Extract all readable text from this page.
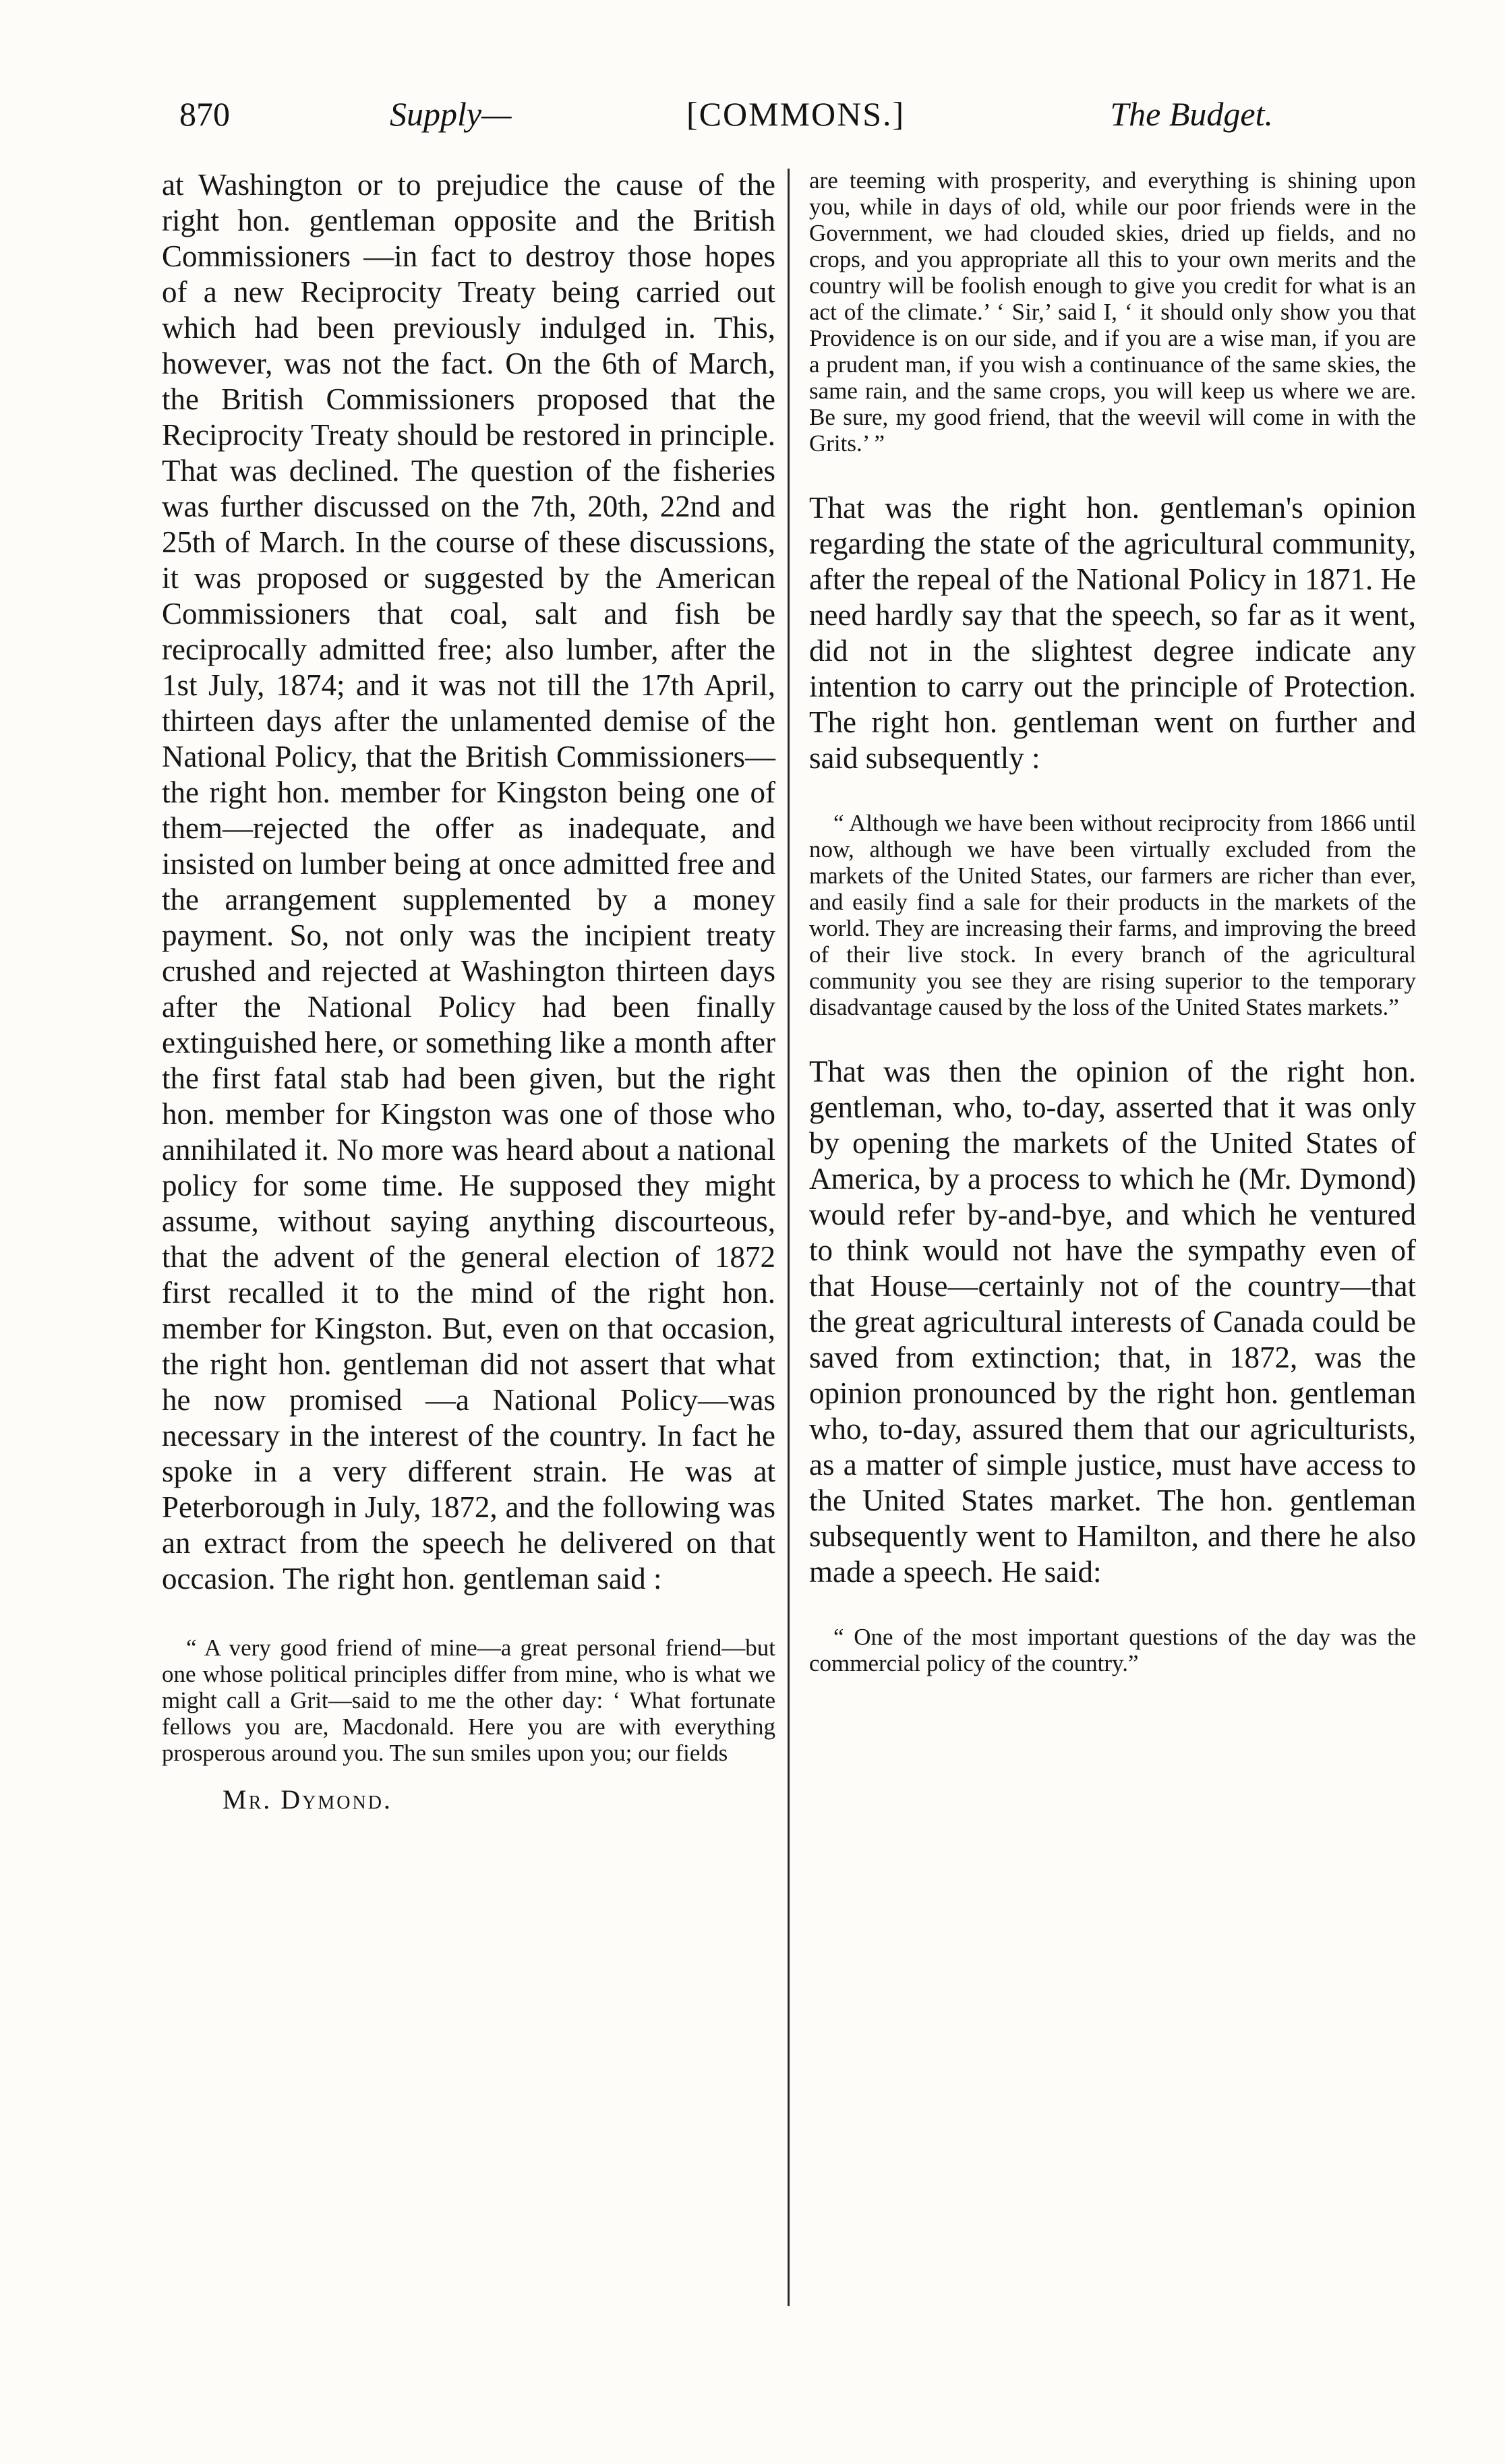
870	Supply—	[COMMONS.]	The Budget.

at Washington or to prejudice the cause of the right hon. gentleman opposite and the British Commissioners —in fact to destroy those hopes of a new Reciprocity Treaty being carried out which had been previously indulged in. This, however, was not the fact. On the 6th of March, the British Commissioners proposed that the Reciprocity Treaty should be restored in principle. That was declined. The question of the fisheries was further discussed on the 7th, 20th, 22nd and 25th of March. In the course of these discussions, it was proposed or suggested by the American Commissioners that coal, salt and fish be reciprocally admitted free; also lumber, after the 1st July, 1874; and it was not till the 17th April, thirteen days after the unlamented demise of the National Policy, that the British Commissioners—the right hon. member for Kingston being one of them—rejected the offer as inadequate, and insisted on lumber being at once admitted free and the arrangement supplemented by a money payment. So, not only was the incipient treaty crushed and rejected at Washington thirteen days after the National Policy had been finally extinguished here, or something like a month after the first fatal stab had been given, but the right hon. member for Kingston was one of those who annihilated it. No more was heard about a national policy for some time. He supposed they might assume, without saying anything discourteous, that the advent of the general election of 1872 first recalled it to the mind of the right hon. member for Kingston. But, even on that occasion, the right hon. gentleman did not assert that what he now promised —a National Policy—was necessary in the interest of the country. In fact he spoke in a very different strain. He was at Peterborough in July, 1872, and the following was an extract from the speech he delivered on that occasion. The right hon. gentleman said :

“ A very good friend of mine—a great personal friend—but one whose political principles differ from mine, who is what we might call a Grit—said to me the other day: ‘ What fortunate fellows you are, Macdonald. Here you are with everything prosperous around you. The sun smiles upon you; our fields

Mr. Dymond.

are teeming with prosperity, and everything is shining upon you, while in days of old, while our poor friends were in the Government, we had clouded skies, dried up fields, and no crops, and you appropriate all this to your own merits and the country will be foolish enough to give you credit for what is an act of the climate.’ ‘ Sir,’ said I, ‘ it should only show you that Providence is on our side, and if you are a wise man, if you are a prudent man, if you wish a continuance of the same skies, the same rain, and the same crops, you will keep us where we are. Be sure, my good friend, that the weevil will come in with the Grits.’ ”

That was the right hon. gentleman's opinion regarding the state of the agricultural community, after the repeal of the National Policy in 1871. He need hardly say that the speech, so far as it went, did not in the slightest degree indicate any intention to carry out the principle of Protection. The right hon. gentleman went on further and said subsequently :

“ Although we have been without reciprocity from 1866 until now, although we have been virtually excluded from the markets of the United States, our farmers are richer than ever, and easily find a sale for their products in the markets of the world. They are increasing their farms, and improving the breed of their live stock. In every branch of the agricultural community you see they are rising superior to the temporary disadvantage caused by the loss of the United States markets.”

That was then the opinion of the right hon. gentleman, who, to-day, asserted that it was only by opening the markets of the United States of America, by a process to which he (Mr. Dymond) would refer by-and-bye, and which he ventured to think would not have the sympathy even of that House—certainly not of the country—that the great agricultural interests of Canada could be saved from extinction; that, in 1872, was the opinion pronounced by the right hon. gentleman who, to-day, assured them that our agriculturists, as a matter of simple justice, must have access to the United States market. The hon. gentleman subsequently went to Hamilton, and there he also made a speech. He said:

“ One of the most important questions of the day was the commercial policy of the country.”
